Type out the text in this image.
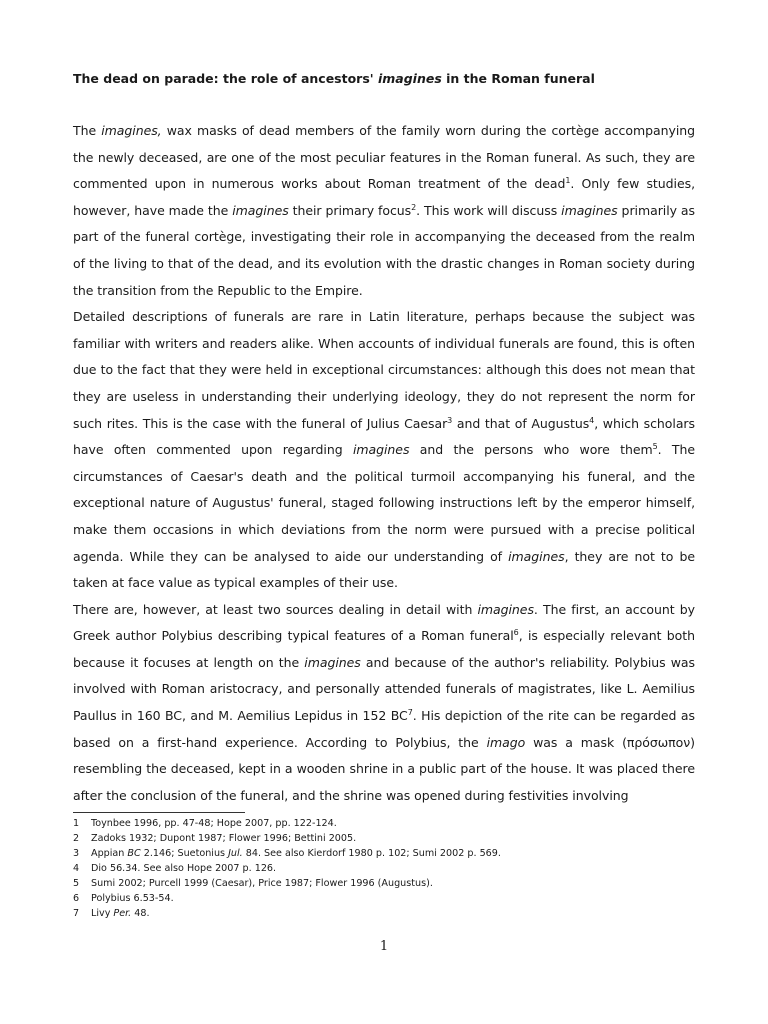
The dead on parade: the role of ancestors' imagines in the Roman funeral

The imagines, wax masks of dead members of the family worn during the cortège accompanying the newly deceased, are one of the most peculiar features in the Roman funeral. As such, they are commented upon in numerous works about Roman treatment of the dead$^1$. Only few studies, however, have made the imagines their primary focus$^2$. This work will discuss imagines primarily as part of the funeral cortège, investigating their role in accompanying the deceased from the realm of the living to that of the dead, and its evolution with the drastic changes in Roman society during the transition from the Republic to the Empire.

Detailed descriptions of funerals are rare in Latin literature, perhaps because the subject was familiar with writers and readers alike. When accounts of individual funerals are found, this is often due to the fact that they were held in exceptional circumstances: although this does not mean that they are useless in understanding their underlying ideology, they do not represent the norm for such rites. This is the case with the funeral of Julius Caesar$^3$ and that of Augustus$^4$, which scholars have often commented upon regarding imagines and the persons who wore them$^5$. The circumstances of Caesar's death and the political turmoil accompanying his funeral, and the exceptional nature of Augustus' funeral, staged following instructions left by the emperor himself, make them occasions in which deviations from the norm were pursued with a precise political agenda. While they can be analysed to aide our understanding of imagines, they are not to be taken at face value as typical examples of their use.

There are, however, at least two sources dealing in detail with imagines. The first, an account by Greek author Polybius describing typical features of a Roman funeral$^6$, is especially relevant both because it focuses at length on the imagines and because of the author's reliability. Polybius was involved with Roman aristocracy, and personally attended funerals of magistrates, like L. Aemilius Paullus in 160 BC, and M. Aemilius Lepidus in 152 $BC^7$. His depiction of the rite can be regarded as based on a first-hand experience. According to Polybius, the imago was a mask (πρόσωπον) resembling the deceased, kept in a wooden shrine in a public part of the house. It was placed there after the conclusion of the funeral, and the shrine was opened during festivities involving

1 Toynbee 1996, pp. 47-48; Hope 2007, pp. 122-124.
2 Zadoks 1932; Dupont 1987; Flower 1996; Bettini 2005.
3 Appian BC 2.146; Suetonius Jul. 84. See also Kierdorf 1980 p. 102; Sumi 2002 p. 569.
4 Dio 56.34. See also Hope 2007 p. 126.
5 Sumi 2002; Purcell 1999 (Caesar), Price 1987; Flower 1996 (Augustus).
6 Polybius 6.53-54.
7 Livy Per. 48.
1
